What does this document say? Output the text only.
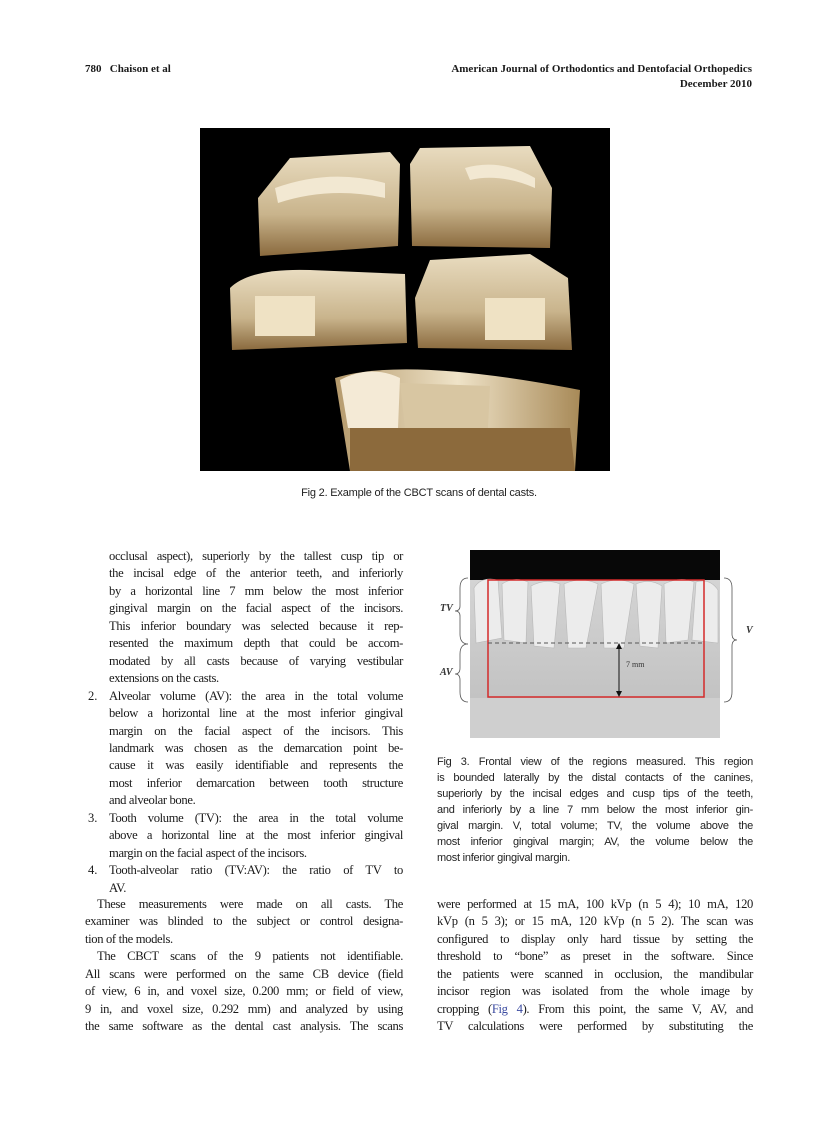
780 Chaison et al	American Journal of Orthodontics and Dentofacial Orthopedics
December 2010
Fig 2. Example of the CBCT scans of dental casts.
occlusal aspect), superiorly by the tallest cusp tip or
the incisal edge of the anterior teeth, and inferiorly
by a horizontal line 7 mm below the most inferior
gingival margin on the facial aspect of the incisors.
This inferior boundary was selected because it rep-
resented the maximum depth that could be accom-
modated by all casts because of varying vestibular
extensions on the casts.
2. Alveolar volume (AV): the area in the total volume
below a horizontal line at the most inferior gingival
margin on the facial aspect of the incisors. This
landmark was chosen as the demarcation point be-
cause it was easily identifiable and represents the
most inferior demarcation between tooth structure
and alveolar bone.
3. Tooth volume (TV): the area in the total volume
above a horizontal line at the most inferior gingival
margin on the facial aspect of the incisors.
4. Tooth-alveolar ratio (TV:AV): the ratio of TV to
AV.
These measurements were made on all casts. The
examiner was blinded to the subject or control designa-
tion of the models.
The CBCT scans of the 9 patients not identifiable.
All scans were performed on the same CB device (field
of view, 6 in, and voxel size, 0.200 mm; or field of view,
9 in, and voxel size, 0.292 mm) and analyzed by using
the same software as the dental cast analysis. The scans
TV
AV
V
7 mm
Fig 3. Frontal view of the regions measured. This region
is bounded laterally by the distal contacts of the canines,
superiorly by the incisal edges and cusp tips of the teeth,
and inferiorly by a line 7 mm below the most inferior gin-
gival margin. V, total volume; TV, the volume above the
most inferior gingival margin; AV, the volume below the
most inferior gingival margin.
were performed at 15 mA, 100 kVp (n 5 4); 10 mA, 120
kVp (n 5 3); or 15 mA, 120 kVp (n 5 2). The scan was
configured to display only hard tissue by setting the
threshold to “bone” as preset in the software. Since
the patients were scanned in occlusion, the mandibular
incisor region was isolated from the whole image by
cropping (Fig 4). From this point, the same V, AV, and
TV calculations were performed by substituting the
